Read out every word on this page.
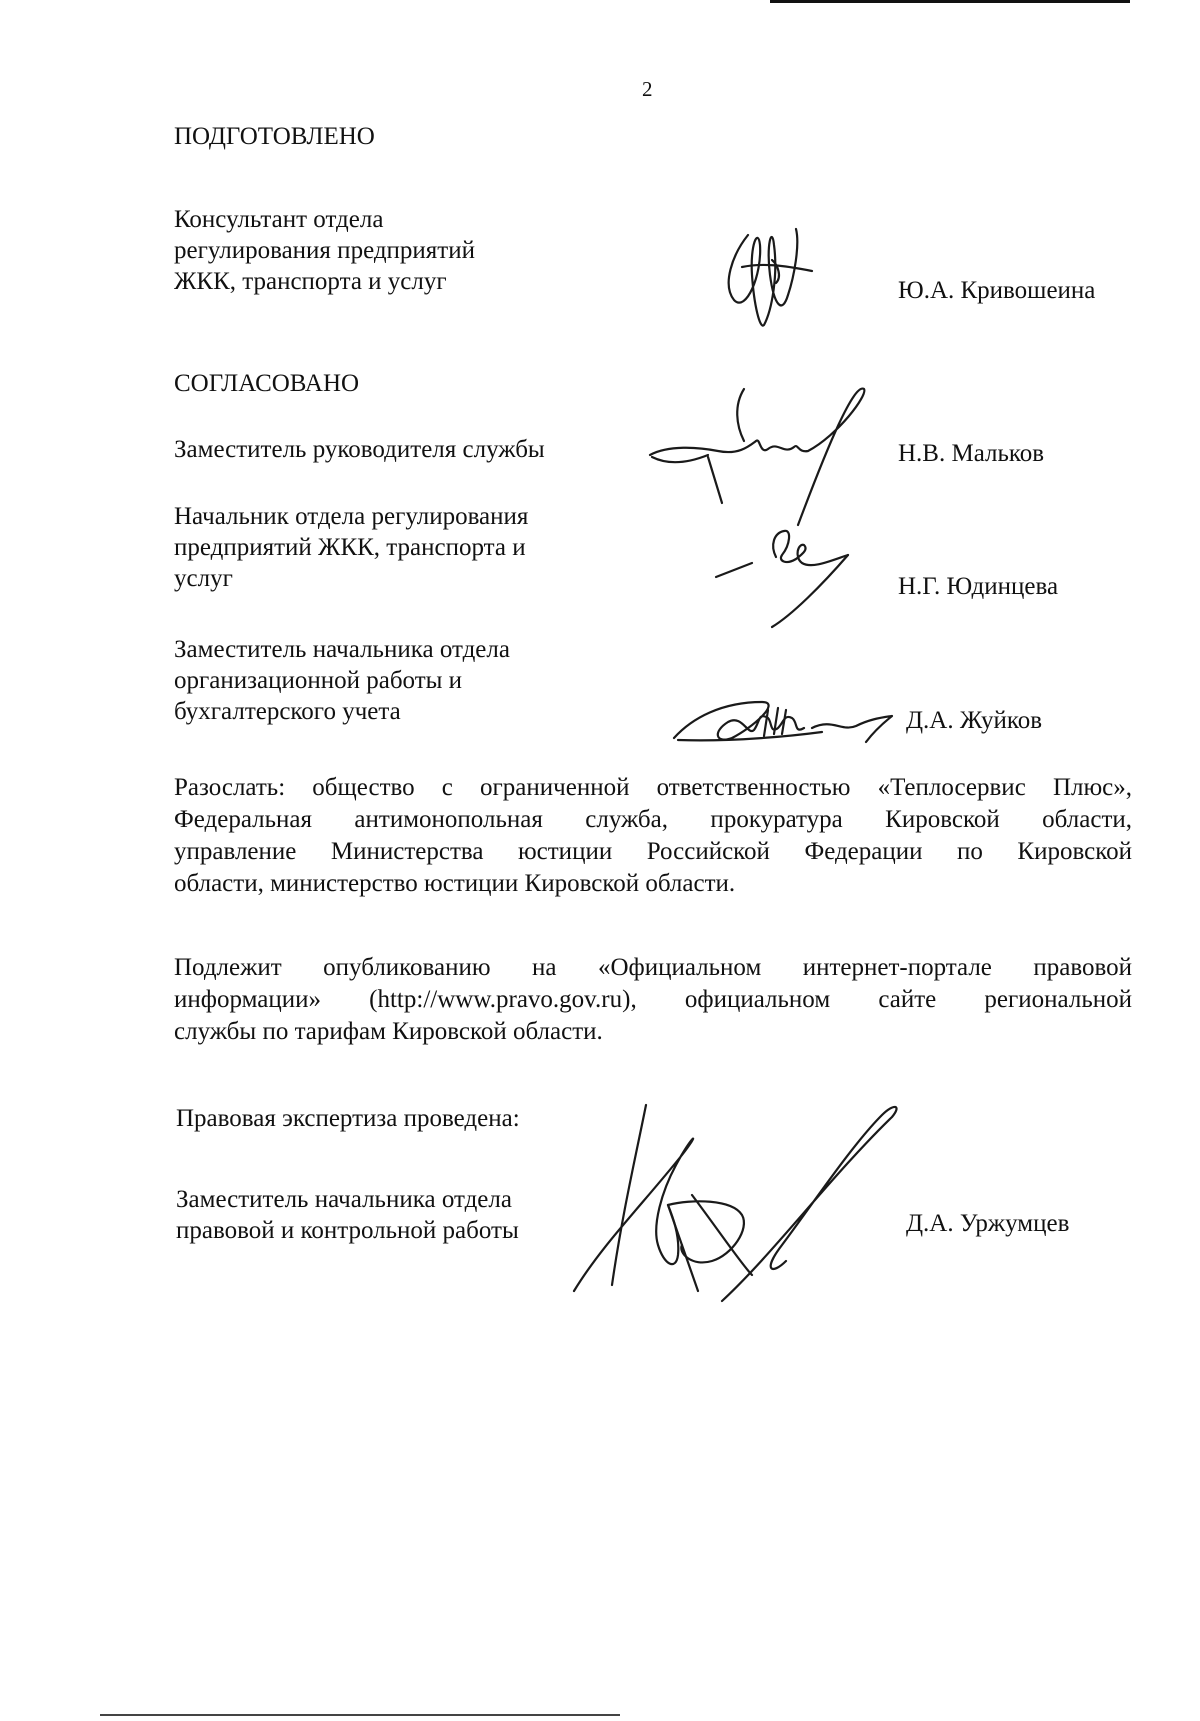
2
ПОДГОТОВЛЕНО
Консультант отдела
регулирования предприятий
ЖКК, транспорта и услуг	Ю.А. Кривошеина
СОГЛАСОВАНО
Заместитель руководителя службы	Н.В. Мальков
Начальник отдела регулирования
предприятий ЖКК, транспорта и
услуг	Н.Г. Юдинцева
Заместитель начальника отдела
организационной работы и
бухгалтерского учета	Д.А. Жуйков
Разослать: общество с ограниченной ответственностью «Теплосервис Плюс»,
Федеральная антимонопольная служба, прокуратура Кировской области,
управление Министерства юстиции Российской Федерации по Кировской
области, министерство юстиции Кировской области.
Подлежит опубликованию на «Официальном интернет-портале правовой
информации» (http://www.pravo.gov.ru), официальном сайте региональной
службы по тарифам Кировской области.
Правовая экспертиза проведена:
Заместитель начальника отдела
правовой и контрольной работы	Д.А. Уржумцев
